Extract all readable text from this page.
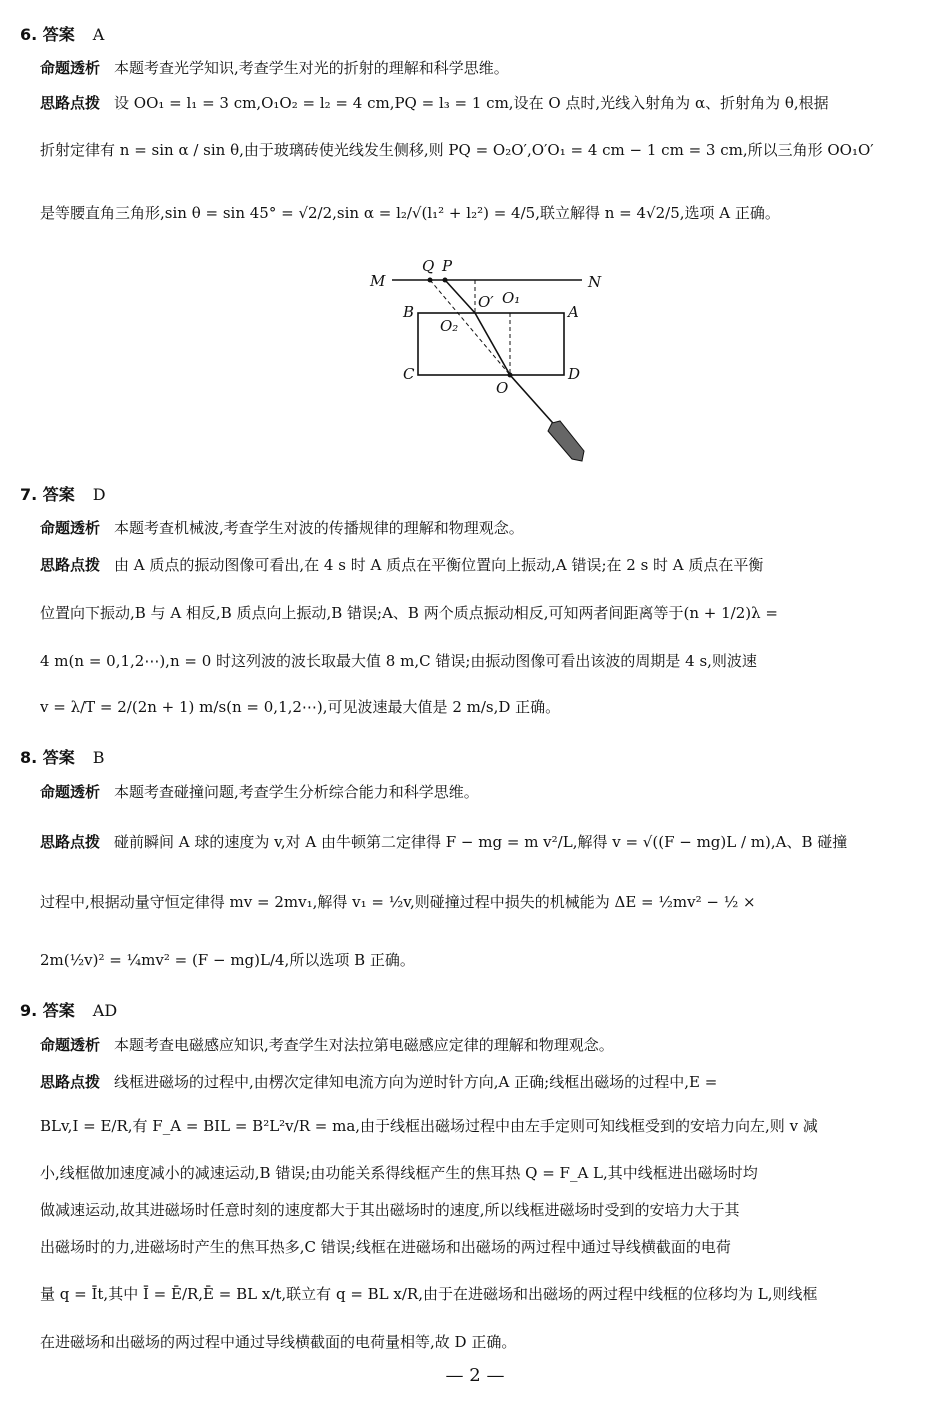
6. 答案 A
命题透析 本题考查光学知识,考查学生对光的折射的理解和科学思维。
思路点拨 设 OO₁ = l₁ = 3 cm,O₁O₂ = l₂ = 4 cm,PQ = l₃ = 1 cm,设在 O 点时,光线入射角为 α、折射角为 θ,根据
折射定律有 n = sin α / sin θ,由于玻璃砖使光线发生侧移,则 PQ = O₂O′,O′O₁ = 4 cm − 1 cm = 3 cm,所以三角形 OO₁O′
是等腰直角三角形,sin θ = sin 45° = √2/2,sin α = l₂/√(l₁² + l₂²) = 4/5,联立解得 n = 4√2/5,选项 A 正确。
M	N
Q P
O′ O₁
O₂
B	A
C	D
O
7. 答案 D
命题透析 本题考查机械波,考查学生对波的传播规律的理解和物理观念。
思路点拨 由 A 质点的振动图像可看出,在 4 s 时 A 质点在平衡位置向上振动,A 错误;在 2 s 时 A 质点在平衡
位置向下振动,B 与 A 相反,B 质点向上振动,B 错误;A、B 两个质点振动相反,可知两者间距离等于(n + 1/2)λ =
4 m(n = 0,1,2⋯),n = 0 时这列波的波长取最大值 8 m,C 错误;由振动图像可看出该波的周期是 4 s,则波速
v = λ/T = 2/(2n + 1) m/s(n = 0,1,2⋯),可见波速最大值是 2 m/s,D 正确。
8. 答案 B
命题透析 本题考查碰撞问题,考查学生分析综合能力和科学思维。
思路点拨 碰前瞬间 A 球的速度为 v,对 A 由牛顿第二定律得 F − mg = m v²/L,解得 v = √((F − mg)L / m),A、B 碰撞
过程中,根据动量守恒定律得 mv = 2mv₁,解得 v₁ = ½v,则碰撞过程中损失的机械能为 ΔE = ½mv² − ½ ×
2m(½v)² = ¼mv² = (F − mg)L/4,所以选项 B 正确。
9. 答案 AD
命题透析 本题考查电磁感应知识,考查学生对法拉第电磁感应定律的理解和物理观念。
思路点拨 线框进磁场的过程中,由楞次定律知电流方向为逆时针方向,A 正确;线框出磁场的过程中,E =
BLv,I = E/R,有 F_A = BIL = B²L²v/R = ma,由于线框出磁场过程中由左手定则可知线框受到的安培力向左,则 v 减
小,线框做加速度减小的减速运动,B 错误;由功能关系得线框产生的焦耳热 Q = F_A L,其中线框进出磁场时均
做减速运动,故其进磁场时任意时刻的速度都大于其出磁场时的速度,所以线框进磁场时受到的安培力大于其
出磁场时的力,进磁场时产生的焦耳热多,C 错误;线框在进磁场和出磁场的两过程中通过导线横截面的电荷
量 q = Īt,其中 Ī = Ē/R,Ē = BL x/t,联立有 q = BL x/R,由于在进磁场和出磁场的两过程中线框的位移均为 L,则线框
在进磁场和出磁场的两过程中通过导线横截面的电荷量相等,故 D 正确。
— 2 —
